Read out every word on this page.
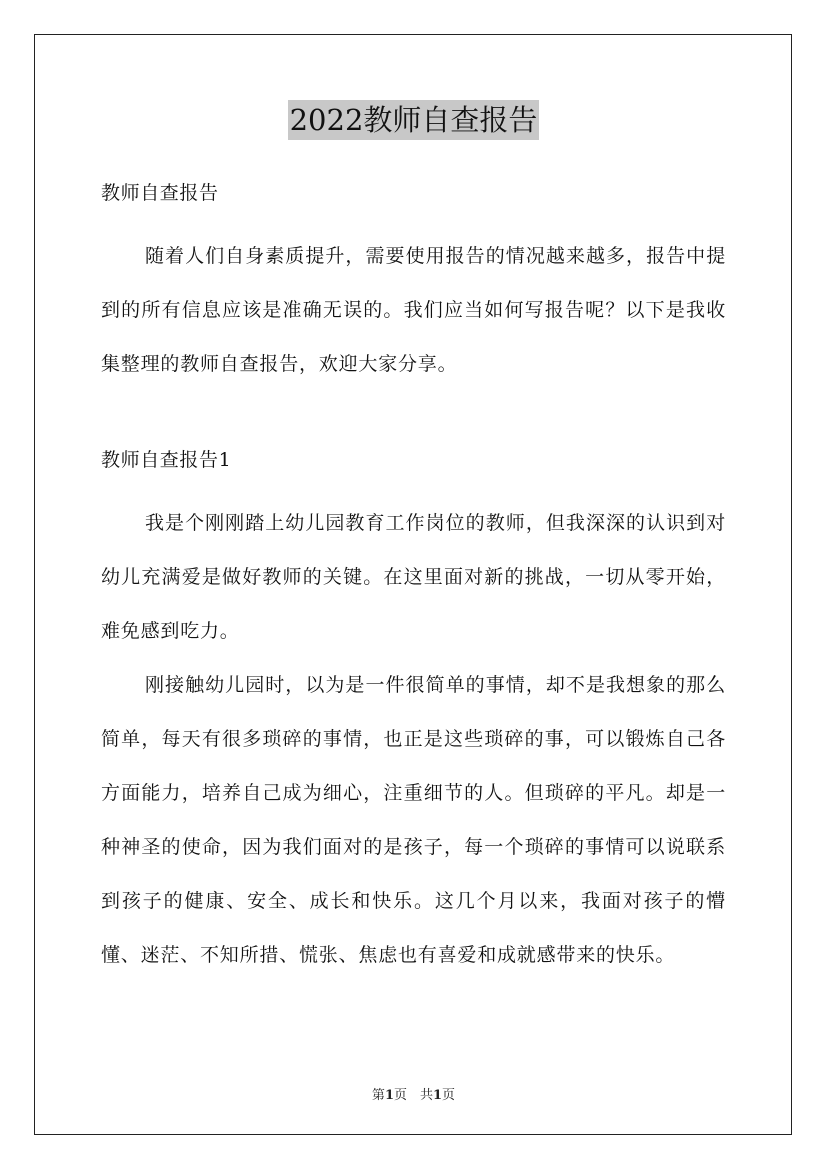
2022教师自查报告

教师自查报告

随着人们自身素质提升，需要使用报告的情况越来越多，报告中提到的所有信息应该是准确无误的。我们应当如何写报告呢？以下是我收集整理的教师自查报告，欢迎大家分享。

教师自查报告1

我是个刚刚踏上幼儿园教育工作岗位的教师，但我深深的认识到对幼儿充满爱是做好教师的关键。在这里面对新的挑战，一切从零开始，难免感到吃力。

刚接触幼儿园时，以为是一件很简单的事情，却不是我想象的那么简单，每天有很多琐碎的事情，也正是这些琐碎的事，可以锻炼自己各方面能力，培养自己成为细心，注重细节的人。但琐碎的平凡。却是一种神圣的使命，因为我们面对的是孩子，每一个琐碎的事情可以说联系到孩子的健康、安全、成长和快乐。这几个月以来，我面对孩子的懵懂、迷茫、不知所措、慌张、焦虑也有喜爱和成就感带来的快乐。

第1页　共1页
